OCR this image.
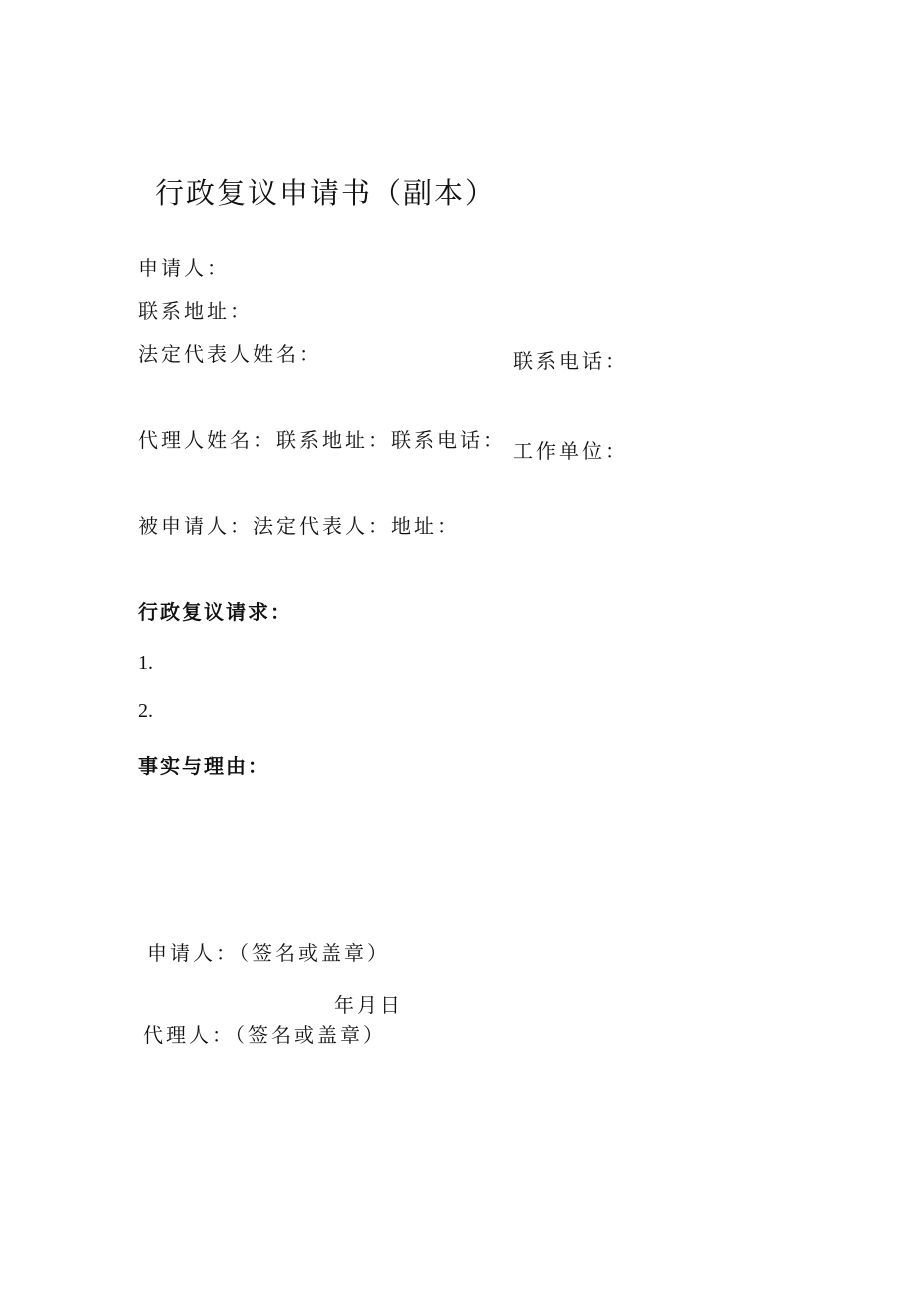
行政复议申请书（副本）
申请人：
联系地址：
法定代表人姓名：	联系电话：
代理人姓名：联系地址：联系电话： 工作单位：
被申请人：法定代表人：地址：
行政复议请求：
1.
2.
事实与理由：
申请人：（签名或盖章）
年月日
代理人：（签名或盖章）
